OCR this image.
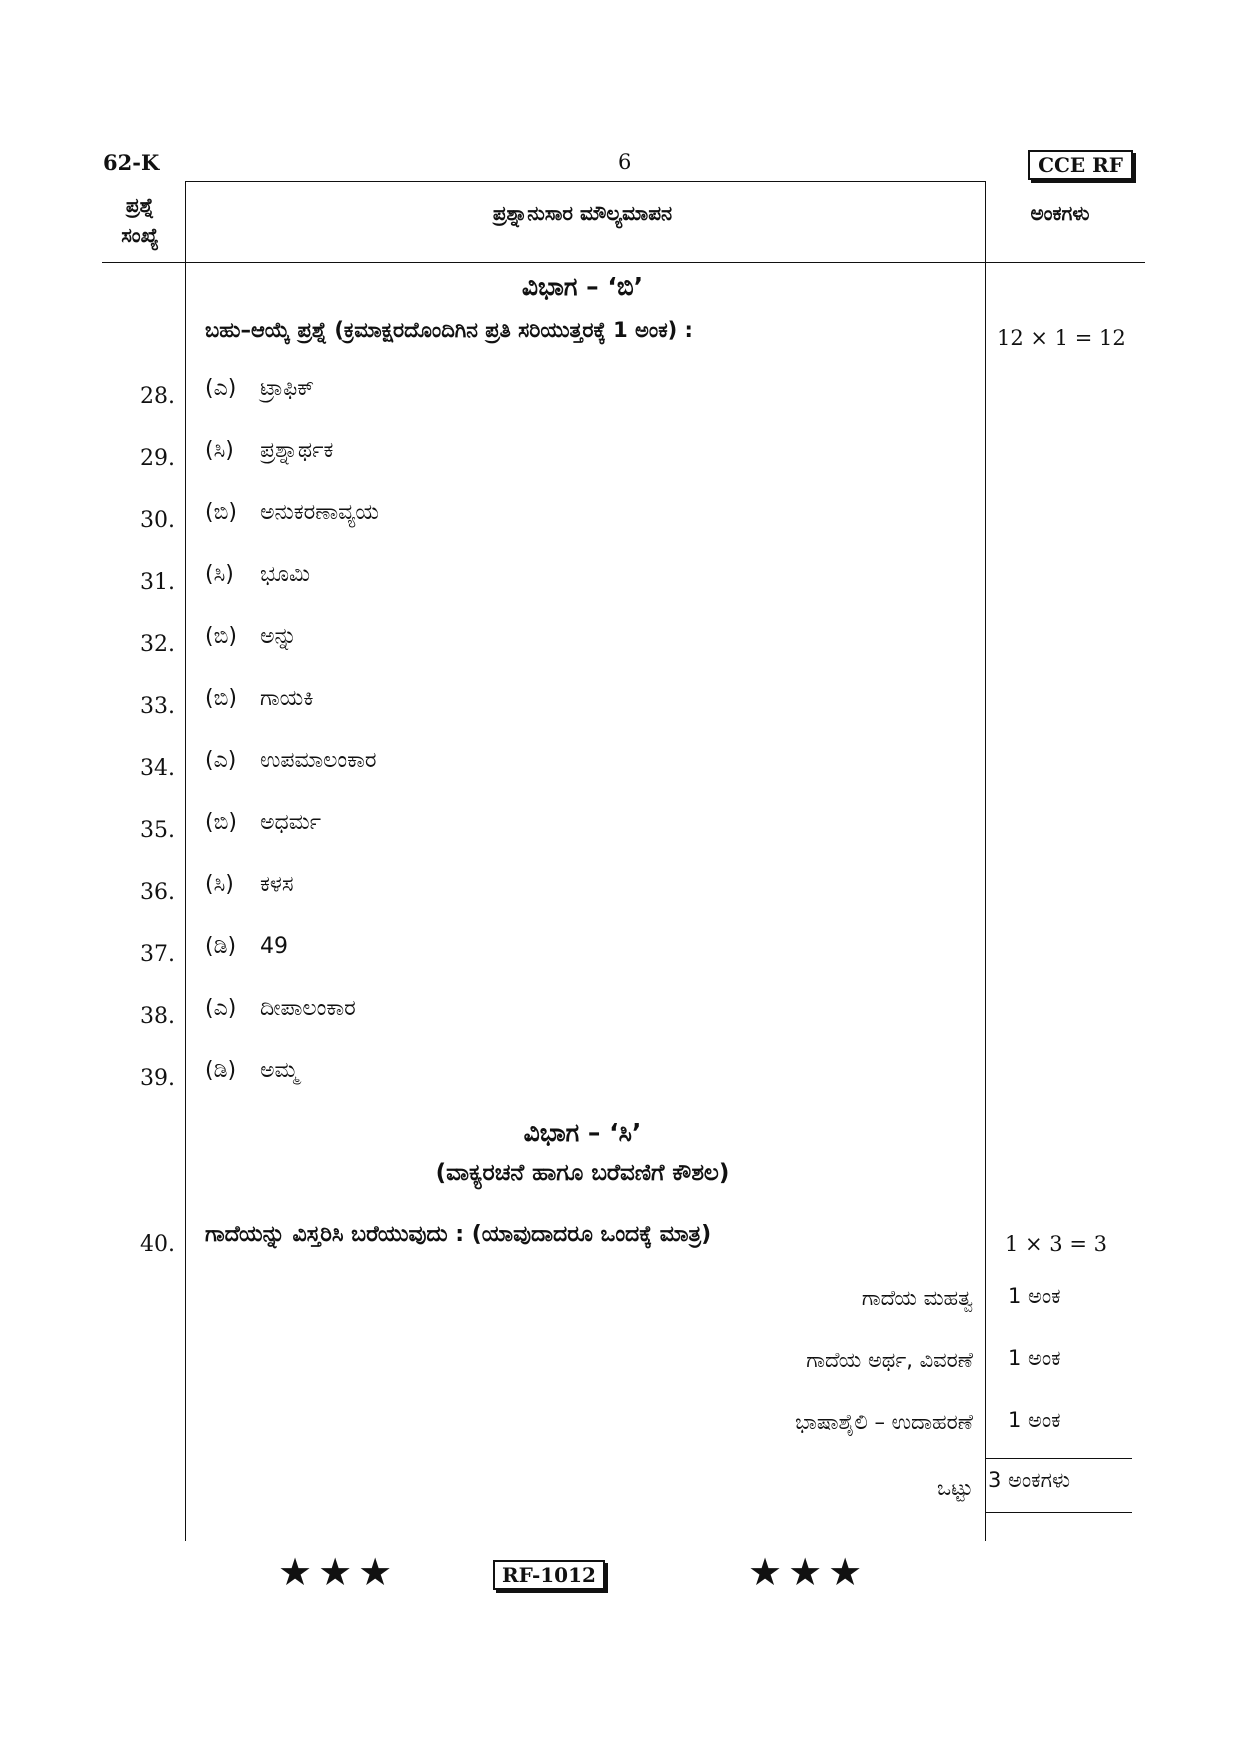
62-K	6	CCE RF
ಪ್ರಶ್ನೆ
ಸಂಖ್ಯೆ
ಪ್ರಶ್ನಾನುಸಾರ ಮೌಲ್ಯಮಾಪನ	ಅಂಕಗಳು
ವಿಭಾಗ – ‘ಬಿ’
ಬಹು–ಆಯ್ಕೆ ಪ್ರಶ್ನೆ (ಕ್ರಮಾಕ್ಷರದೊಂದಿಗಿನ ಪ್ರತಿ ಸರಿಯುತ್ತರಕ್ಕೆ 1 ಅಂಕ) :	12 × 1 = 12
28. (ಎ) ಟ್ರಾಫಿಕ್
29. (ಸಿ) ಪ್ರಶ್ನಾರ್ಥಕ
30. (ಬಿ) ಅನುಕರಣಾವ್ಯಯ
31. (ಸಿ) ಭೂಮಿ
32. (ಬಿ) ಅನ್ನು
33. (ಬಿ) ಗಾಯಕಿ
34. (ಎ) ಉಪಮಾಲಂಕಾರ
35. (ಬಿ) ಅಧರ್ಮ
36. (ಸಿ) ಕಳಸ
37. (ಡಿ) 49
38. (ಎ) ದೀಪಾಲಂಕಾರ
39. (ಡಿ) ಅಮ್ಮ
ವಿಭಾಗ – ‘ಸಿ’
(ವಾಕ್ಯರಚನೆ ಹಾಗೂ ಬರೆವಣಿಗೆ ಕೌಶಲ)
40. ಗಾದೆಯನ್ನು ವಿಸ್ತರಿಸಿ ಬರೆಯುವುದು : (ಯಾವುದಾದರೂ ಒಂದಕ್ಕೆ ಮಾತ್ರ)	1 × 3 = 3
ಗಾದೆಯ ಮಹತ್ವ 1 ಅಂಕ
ಗಾದೆಯ ಅರ್ಥ, ವಿವರಣೆ 1 ಅಂಕ
ಭಾಷಾಶೈಲಿ – ಉದಾಹರಣೆ 1 ಅಂಕ
ಒಟ್ಟು 3 ಅಂಕಗಳು
★★★	RF-1012	★★★
